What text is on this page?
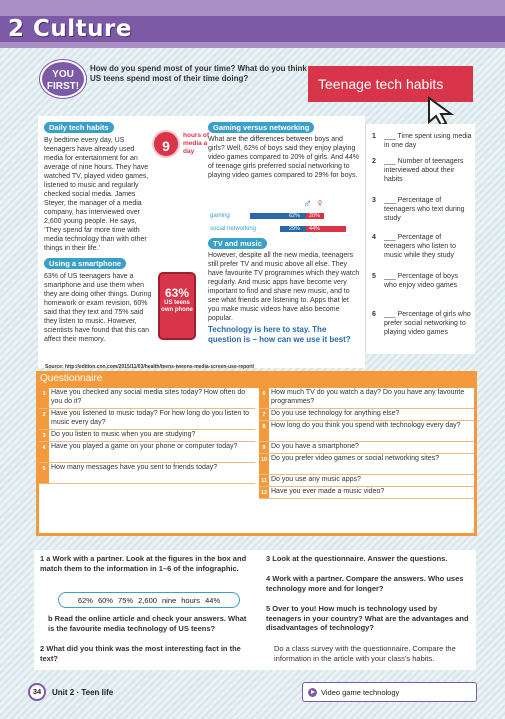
2 Culture
YOU FIRST!
How do you spend most of your time? What do you think US teens spend most of their time doing?	Teenage tech habits
Daily tech habits
9
hours of media a day
By bedtime every day, US teenagers have already used media for entertainment for an average of nine hours. They have watched TV, played video games, listened to music and regularly checked social media. James Steyer, the manager of a media company, has interviewed over 2,600 young people. He says, ‘They spend far more time with media technology than with other things in their life.’
Using a smartphone
63% of US teenagers have a smartphone and use them when they are doing other things. During homework or exam revision, 60% said that they text and 75% said they listen to music. However, scientists have found that this can affect their memory.
63%
US teens own phone
Gaming versus networking
What are the differences between boys and girls? Well, 62% of boys said they enjoy playing video games compared to 20% of girls. And 44% of teenage girls preferred social networking to playing video games compared to 29% for boys.
♂ ♀
gaming	62% 20%
social networking	29% 44%
TV and music
However, despite all the new media, teenagers still prefer TV and music above all else. They have favourite TV programmes which they watch regularly. And music apps have become very important to find and share new music, and to see what friends are listening to. Apps that let you make music videos have also become popular.
Technology is here to stay. The question is – how can we use it best?
Source: http://edition.cnn.com/2015/11/03/health/teens-tweens-media-screen-use-report/
1	___ Time spent using media in one day
2	___ Number of teenagers interviewed about their habits
3	___ Percentage of teenagers who text during study
4	___ Percentage of teenagers who listen to music while they study
5	___ Percentage of boys who enjoy video games
6	___ Percentage of girls who prefer social networking to playing video games
Questionnaire
1 Have you checked any social media sites today? How often do you do it?
2 Have you listened to music today? For how long do you listen to music every day?
3 Do you listen to music when you are studying?
4 Have you played a game on your phone or computer today?
5 How many messages have you sent to friends today?
6 How much TV do you watch a day? Do you have any favourite programmes?
7 Do you use technology for anything else?
8 How long do you think you spend with technology every day?
9 Do you have a smartphone?
10 Do you prefer video games or social networking sites?
11 Do you use any music apps?
12 Have you ever made a music video?
1 a Work with a partner. Look at the figures in the box and match them to the information in 1–6 of the infographic.
b Read the online article and check your answers. What is the favourite media technology of US teens?
2 What did you think was the most interesting fact in the text?
3 Look at the questionnaire. Answer the questions.
4 Work with a partner. Compare the answers. Who uses technology more and for longer?
5 Over to you! How much is technology used by teenagers in your country? What are the advantages and disadvantages of technology?
Do a class survey with the questionnaire. Compare the information in the article with your class’s habits.
62% 60% 75% 2,600 nine hours 44%
34	Unit 2 · Teen life	Video game technology
